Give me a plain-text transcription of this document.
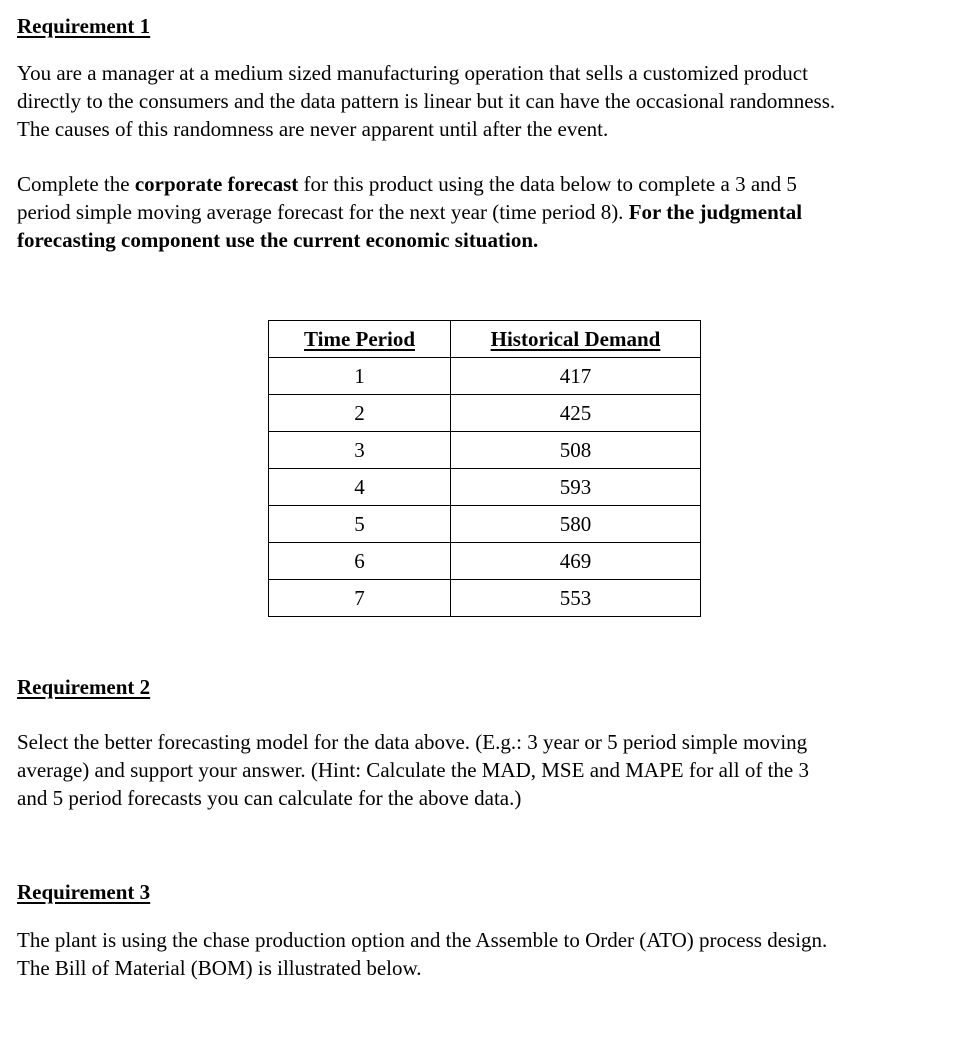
Requirement 1

You are a manager at a medium sized manufacturing operation that sells a customized product
directly to the consumers and the data pattern is linear but it can have the occasional randomness.
The causes of this randomness are never apparent until after the event.

Complete the corporate forecast for this product using the data below to complete a 3 and 5
period simple moving average forecast for the next year (time period 8). For the judgmental
forecasting component use the current economic situation.

Time Period	Historical Demand
1	417
2	425
3	508
4	593
5	580
6	469
7	553
Requirement 2

Select the better forecasting model for the data above. (E.g.: 3 year or 5 period simple moving
average) and support your answer. (Hint: Calculate the MAD, MSE and MAPE for all of the 3
and 5 period forecasts you can calculate for the above data.)

Requirement 3

The plant is using the chase production option and the Assemble to Order (ATO) process design.
The Bill of Material (BOM) is illustrated below.
